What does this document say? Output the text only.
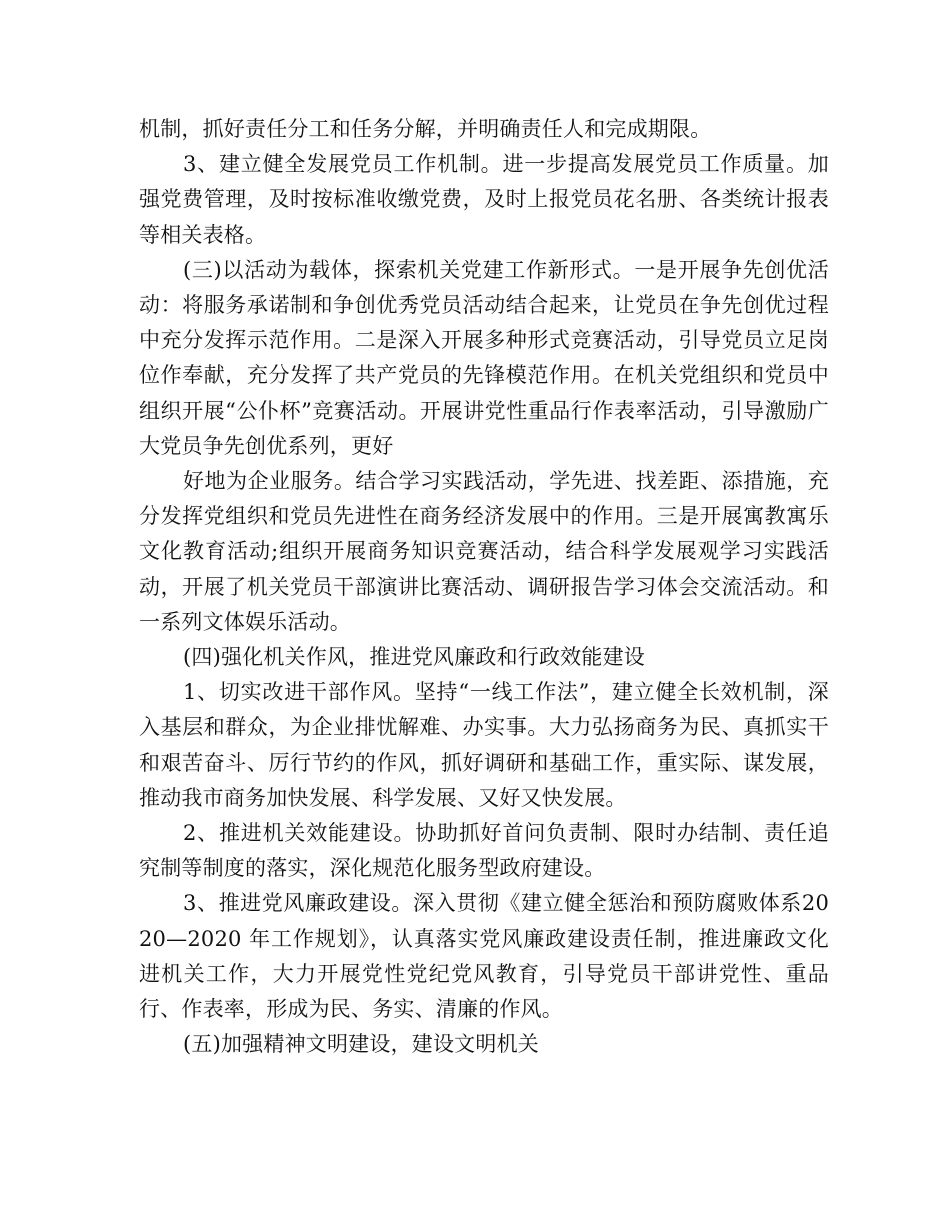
机制，抓好责任分工和任务分解，并明确责任人和完成期限。

3、建立健全发展党员工作机制。进一步提高发展党员工作质量。加强党费管理，及时按标准收缴党费，及时上报党员花名册、各类统计报表等相关表格。

(三)以活动为载体，探索机关党建工作新形式。一是开展争先创优活动：将服务承诺制和争创优秀党员活动结合起来，让党员在争先创优过程中充分发挥示范作用。二是深入开展多种形式竞赛活动，引导党员立足岗位作奉献，充分发挥了共产党员的先锋模范作用。在机关党组织和党员中组织开展“公仆杯”竞赛活动。开展讲党性重品行作表率活动，引导激励广大党员争先创优系列，更好

好地为企业服务。结合学习实践活动，学先进、找差距、添措施，充分发挥党组织和党员先进性在商务经济发展中的作用。三是开展寓教寓乐文化教育活动;组织开展商务知识竞赛活动，结合科学发展观学习实践活动，开展了机关党员干部演讲比赛活动、调研报告学习体会交流活动。和一系列文体娱乐活动。

(四)强化机关作风，推进党风廉政和行政效能建设

1、切实改进干部作风。坚持“一线工作法”，建立健全长效机制，深入基层和群众，为企业排忧解难、办实事。大力弘扬商务为民、真抓实干和艰苦奋斗、厉行节约的作风，抓好调研和基础工作，重实际、谋发展，推动我市商务加快发展、科学发展、又好又快发展。

2、推进机关效能建设。协助抓好首问负责制、限时办结制、责任追究制等制度的落实，深化规范化服务型政府建设。

3、推进党风廉政建设。深入贯彻《建立健全惩治和预防腐败体系2020—2020 年工作规划》，认真落实党风廉政建设责任制，推进廉政文化进机关工作，大力开展党性党纪党风教育，引导党员干部讲党性、重品行、作表率，形成为民、务实、清廉的作风。

(五)加强精神文明建设，建设文明机关
